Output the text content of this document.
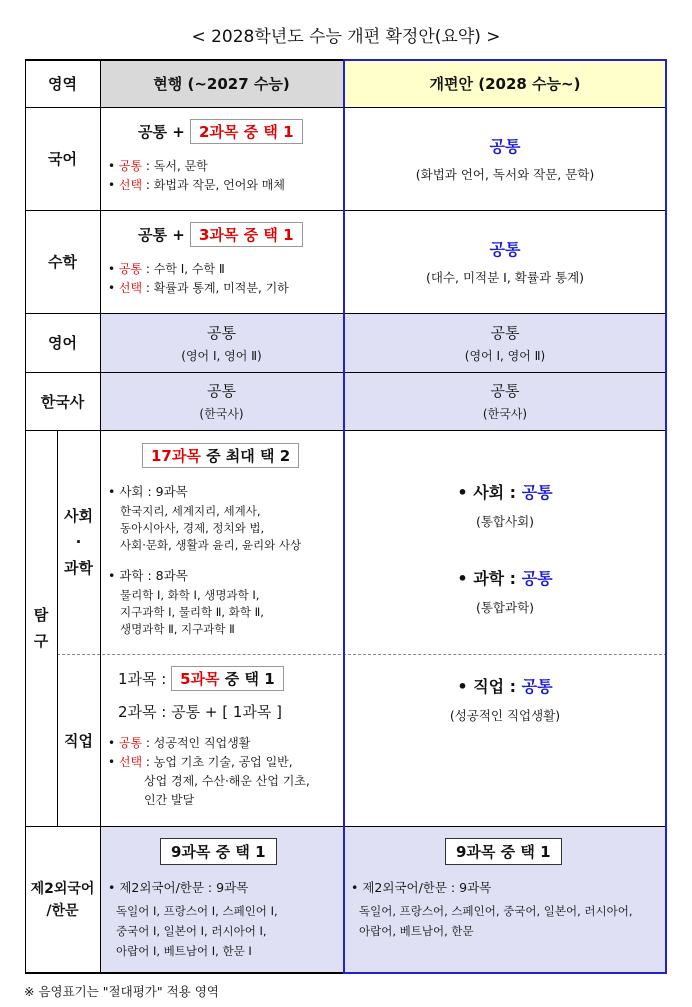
< 2028학년도 수능 개편 확정안(요약) >
영역	현행 (~2027 수능)	개편안 (2028 수능~)
국어
공통 + 2과목 중 택 1
• 공통 : 독서, 문학
• 선택 : 화법과 작문, 언어와 매체
공통
(화법과 언어, 독서와 작문, 문학)
수학
공통 + 3과목 중 택 1
• 공통 : 수학 Ⅰ, 수학 Ⅱ
• 선택 : 확률과 통계, 미적분, 기하
공통
(대수, 미적분 Ⅰ, 확률과 통계)
영어
공통
(영어 Ⅰ, 영어 Ⅱ)
공통
(영어 Ⅰ, 영어 Ⅱ)
한국사
공통
(한국사)
공통
(한국사)
탐
구
사회
·
과학
17과목 중 최대 택 2
• 사회 : 9과목
한국지리, 세계지리, 세계사,
동아시아사, 경제, 정치와 법,
사회·문화, 생활과 윤리, 윤리와 사상
• 과학 : 8과목
물리학 Ⅰ, 화학 Ⅰ, 생명과학 Ⅰ,
지구과학 Ⅰ, 물리학 Ⅱ, 화학 Ⅱ,
생명과학 Ⅱ, 지구과학 Ⅱ
• 사회 : 공통
(통합사회)
• 과학 : 공통
(통합과학)
직업
1과목 : 5과목 중 택 1
2과목 : 공통 + [ 1과목 ]
• 공통 : 성공적인 직업생활
• 선택 : 농업 기초 기술, 공업 일반,
상업 경제, 수산·해운 산업 기초,
인간 발달
• 직업 : 공통
(성공적인 직업생활)
제2외국어
/한문
9과목 중 택 1
• 제2외국어/한문 : 9과목
독일어 Ⅰ, 프랑스어 Ⅰ, 스페인어 Ⅰ,
중국어 Ⅰ, 일본어 Ⅰ, 러시아어 Ⅰ,
아랍어 Ⅰ, 베트남어 Ⅰ, 한문 Ⅰ
9과목 중 택 1
• 제2외국어/한문 : 9과목
독일어, 프랑스어, 스페인어, 중국어, 일본어, 러시아어,
아랍어, 베트남어, 한문
※ 음영표기는 "절대평가" 적용 영역
